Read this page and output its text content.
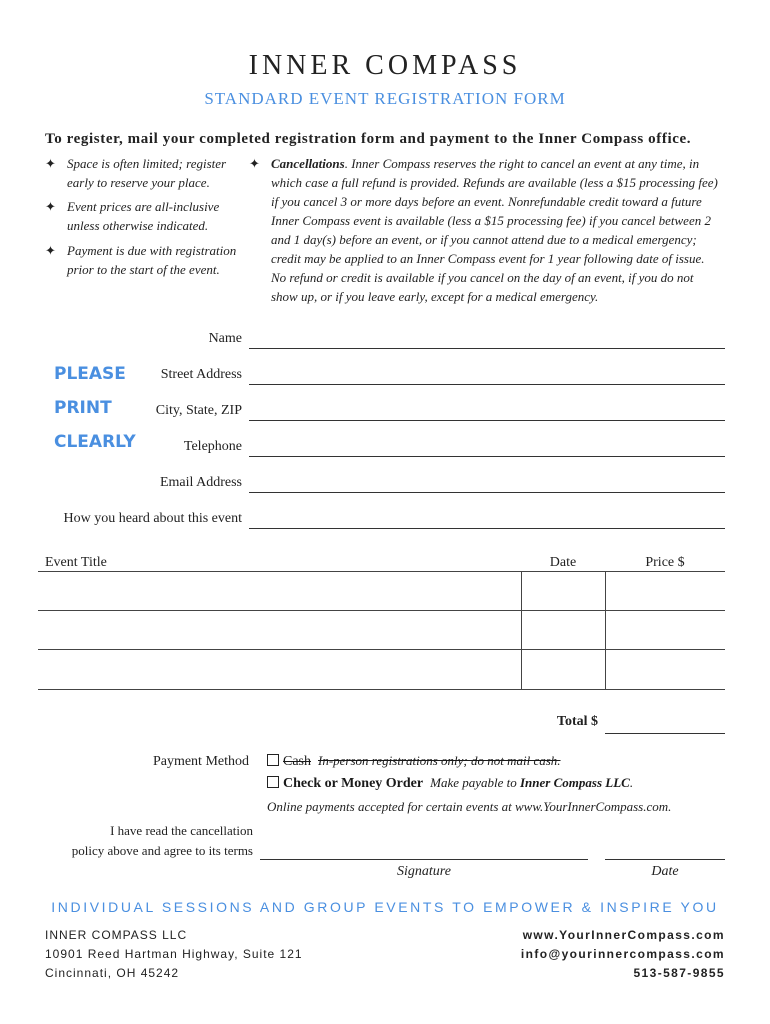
INNER COMPASS
STANDARD EVENT REGISTRATION FORM
To register, mail your completed registration form and payment to the Inner Compass office.
✦ Space is often limited; register early to reserve your place.
✦ Event prices are all-inclusive unless otherwise indicated.
✦ Payment is due with registration prior to the start of the event.
✦ Cancellations. Inner Compass reserves the right to cancel an event at any time, in which case a full refund is provided. Refunds are available (less a $15 processing fee) if you cancel 3 or more days before an event. Nonrefundable credit toward a future Inner Compass event is available (less a $15 processing fee) if you cancel between 2 and 1 day(s) before an event, or if you cannot attend due to a medical emergency; credit may be applied to an Inner Compass event for 1 year following date of issue. No refund or credit is available if you cancel on the day of an event, if you do not show up, or if you leave early, except for a medical emergency.
PLEASE
PRINT
CLEARLY
Name
Street Address
City, State, ZIP
Telephone
Email Address
How you heard about this event
Event Title	Date	Price $
Total $
Payment Method	Cash In-person registrations only; do not mail cash.
Check or Money Order Make payable to Inner Compass LLC.
Online payments accepted for certain events at www.YourInnerCompass.com.
I have read the cancellation
policy above and agree to its terms
Signature	Date
INDIVIDUAL SESSIONS AND GROUP EVENTS TO EMPOWER & INSPIRE YOU
INNER COMPASS LLC
10901 Reed Hartman Highway, Suite 121
Cincinnati, OH 45242
www.YourInnerCompass.com
info@yourinnercompass.com
513-587-9855
